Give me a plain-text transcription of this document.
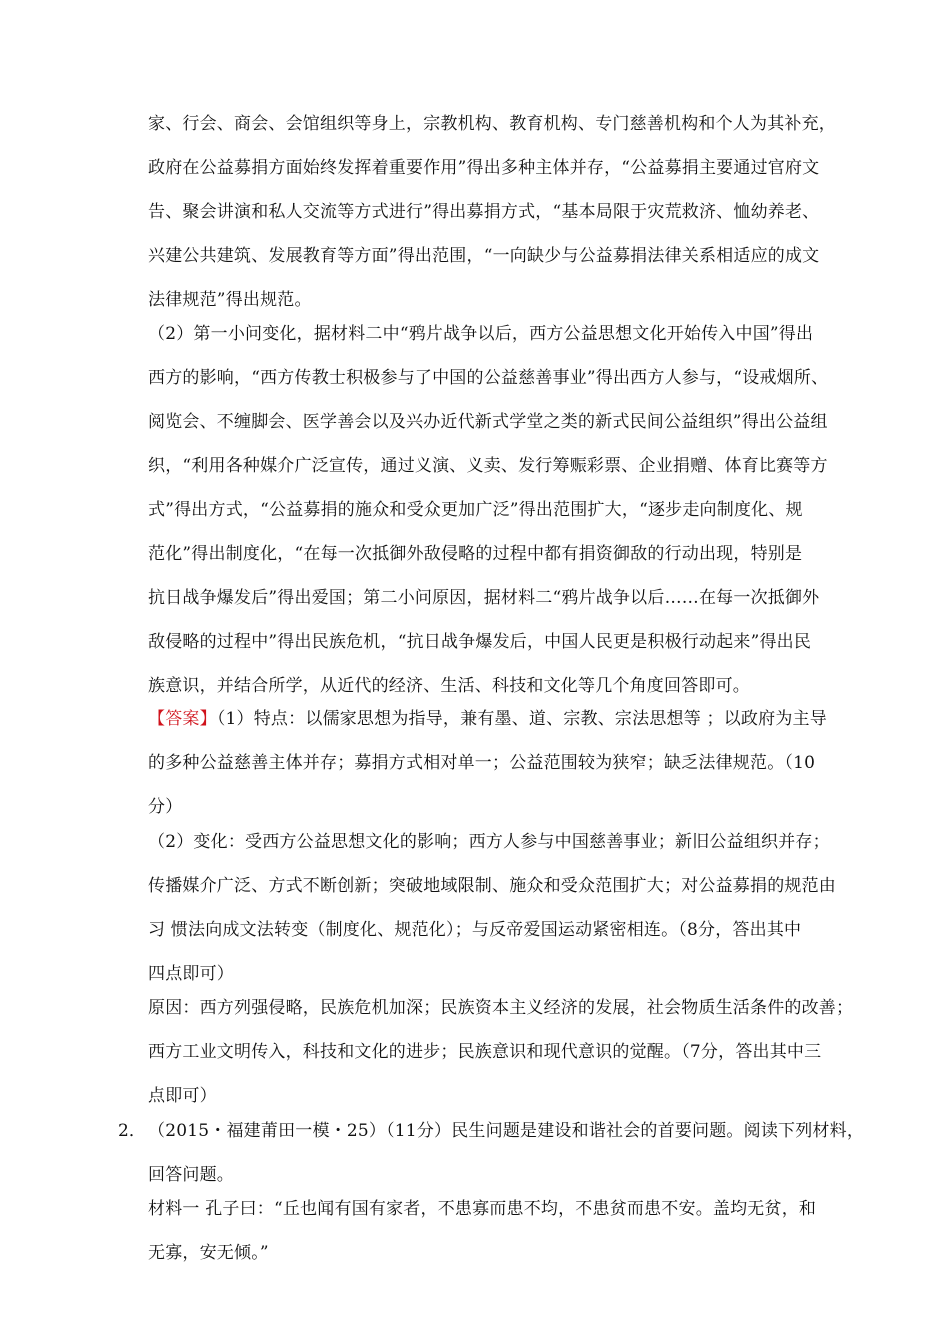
家、行会、商会、会馆组织等身上，宗教机构、教育机构、专门慈善机构和个人为其补充，
政府在公益募捐方面始终发挥着重要作用”得出多种主体并存，“公益募捐主要通过官府文
告、聚会讲演和私人交流等方式进行”得出募捐方式，“基本局限于灾荒救济、恤幼养老、
兴建公共建筑、发展教育等方面”得出范围，“一向缺少与公益募捐法律关系相适应的成文
法律规范”得出规范。
（2）第一小问变化，据材料二中“鸦片战争以后，西方公益思想文化开始传入中国”得出
西方的影响，“西方传教士积极参与了中国的公益慈善事业”得出西方人参与，“设戒烟所、
阅览会、不缠脚会、医学善会以及兴办近代新式学堂之类的新式民间公益组织”得出公益组
织，“利用各种媒介广泛宣传，通过义演、义卖、发行筹赈彩票、企业捐赠、体育比赛等方
式”得出方式，“公益募捐的施众和受众更加广泛”得出范围扩大，“逐步走向制度化、规
范化”得出制度化，“在每一次抵御外敌侵略的过程中都有捐资御敌的行动出现，特别是
抗日战争爆发后”得出爱国；第二小问原因，据材料二“鸦片战争以后……在每一次抵御外
敌侵略的过程中”得出民族危机，“抗日战争爆发后，中国人民更是积极行动起来”得出民
族意识，并结合所学，从近代的经济、生活、科技和文化等几个角度回答即可。
【答案】（1）特点：以儒家思想为指导，兼有墨、道、宗教、宗法思想等 ；以政府为主导
的多种公益慈善主体并存；募捐方式相对单一；公益范围较为狭窄；缺乏法律规范。（10
分）
（2）变化：受西方公益思想文化的影响；西方人参与中国慈善事业；新旧公益组织并存；
传播媒介广泛、方式不断创新；突破地域限制、施众和受众范围扩大；对公益募捐的规范由
习 惯法向成文法转变（制度化、规范化）；与反帝爱国运动紧密相连。（8分，答出其中
四点即可）
原因：西方列强侵略，民族危机加深；民族资本主义经济的发展，社会物质生活条件的改善；
西方工业文明传入，科技和文化的进步；民族意识和现代意识的觉醒。（7分，答出其中三
点即可）
2． （2015・福建莆田一模・25）（11分）民生问题是建设和谐社会的首要问题。阅读下列材料，
回答问题。
材料一 孔子曰：“丘也闻有国有家者，不患寡而患不均，不患贫而患不安。盖均无贫，和
无寡，安无倾。”
